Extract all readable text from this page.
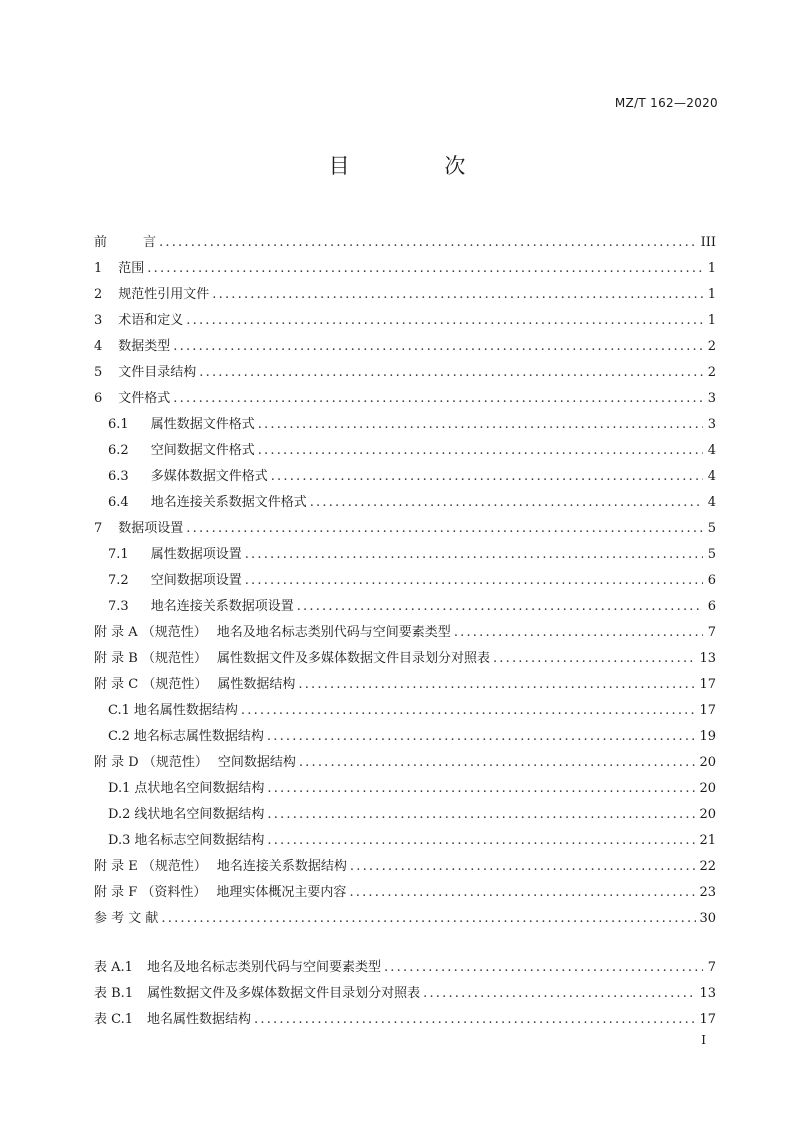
MZ/T 162—2020
目 次
前	言 .....	III
1 范围 .....	1
2 规范性引用文件 .....	1
3 术语和定义 .....	1
4 数据类型 .....	2
5 文件目录结构 .....	2
6 文件格式 .....	3
6.1 属性数据文件格式 .....	3
6.2 空间数据文件格式 .....	4
6.3 多媒体数据文件格式 .....	4
6.4 地名连接关系数据文件格式 .....	4
7 数据项设置 .....	5
7.1 属性数据项设置 .....	5
7.2 空间数据项设置 .....	6
7.3 地名连接关系数据项设置 .....	6
附 录 A （规范性） 地名及地名标志类别代码与空间要素类型 .....	7
附 录 B （规范性） 属性数据文件及多媒体数据文件目录划分对照表 .....	13
附 录 C （规范性） 属性数据结构 .....	17
C.1 地名属性数据结构 .....	17
C.2 地名标志属性数据结构 .....	19
附 录 D （规范性） 空间数据结构 .....	20
D.1 点状地名空间数据结构 .....	20
D.2 线状地名空间数据结构 .....	20
D.3 地名标志空间数据结构 .....	21
附 录 E （规范性） 地名连接关系数据结构 .....	22
附 录 F （资料性） 地理实体概况主要内容 .....	23
参 考 文 献 .....	30
表 A.1 地名及地名标志类别代码与空间要素类型 .....	7
表 B.1 属性数据文件及多媒体数据文件目录划分对照表 .....	13
表 C.1 地名属性数据结构 .....	17
I
